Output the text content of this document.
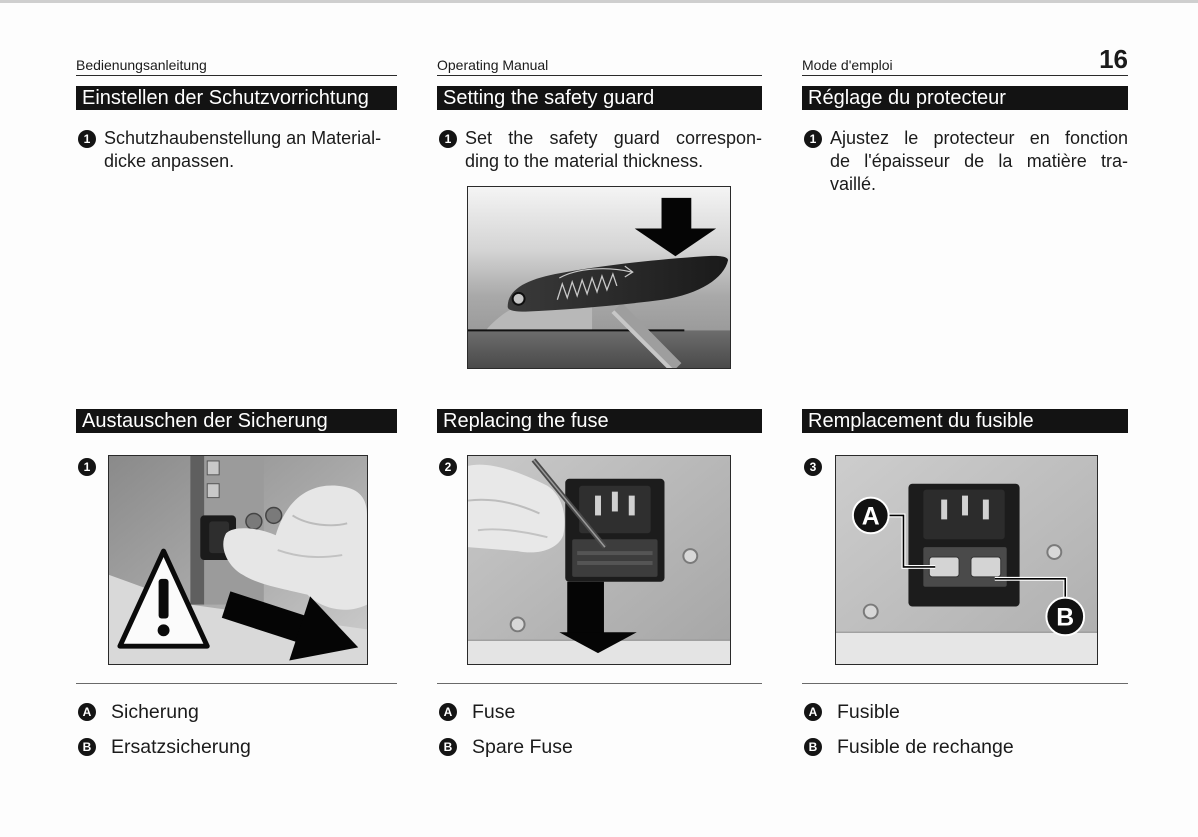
Bedienungsanleitung
Einstellen der Schutzvorrichtung
1 Schutzhaubenstellung an Material-
dicke anpassen.
Austauschen der Sicherung
1
A Sicherung
B Ersatzsicherung
Operating Manual
Setting the safety guard
1 Set the safety guard correspon-
ding to the material thickness.
Replacing the fuse
2
A Fuse
B Spare Fuse
Mode d'emploi	16
Réglage du protecteur
1 Ajustez le protecteur en fonction
de l'épaisseur de la matière tra-
vaillé.
Remplacement du fusible
3
A
B
A Fusible
B Fusible de rechange
